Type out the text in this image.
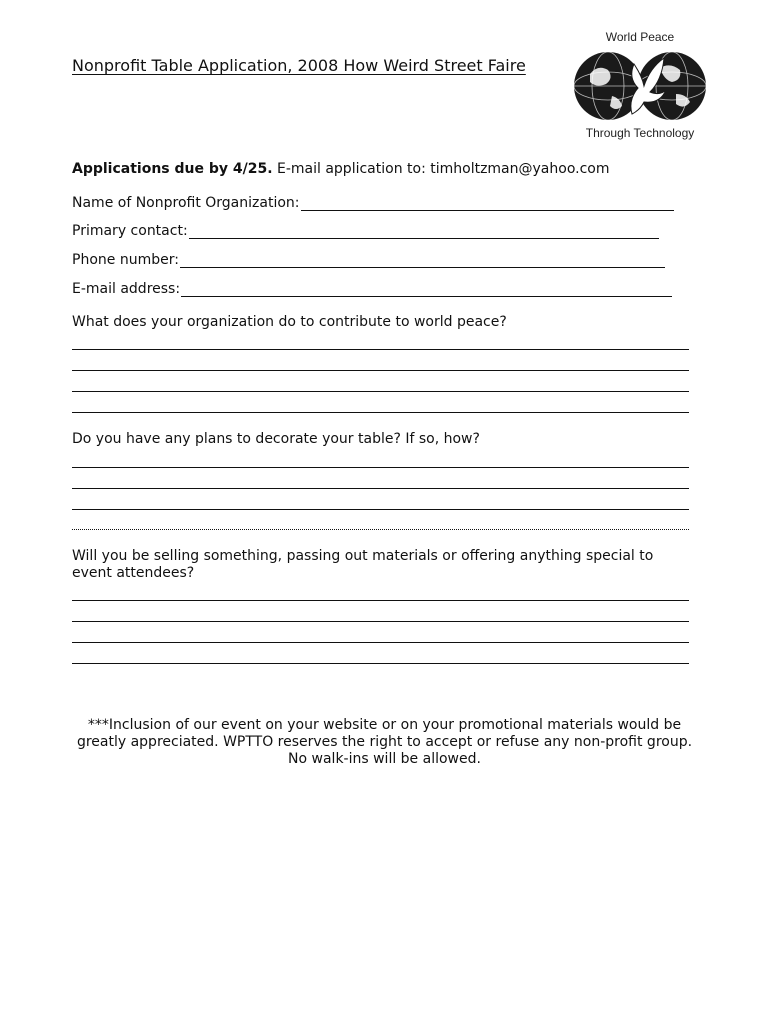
Nonprofit Table Application, 2008 How Weird Street Faire
World Peace
Through Technology
Applications due by 4/25. E-mail application to: timholtzman@yahoo.com
Name of Nonprofit Organization:
Primary contact:
Phone number:
E-mail address:
What does your organization do to contribute to world peace?
Do you have any plans to decorate your table? If so, how?
Will you be selling something, passing out materials or offering anything special to event attendees?
***Inclusion of our event on your website or on your promotional materials would be
greatly appreciated. WPTTO reserves the right to accept or refuse any non-profit group.
No walk-ins will be allowed.
